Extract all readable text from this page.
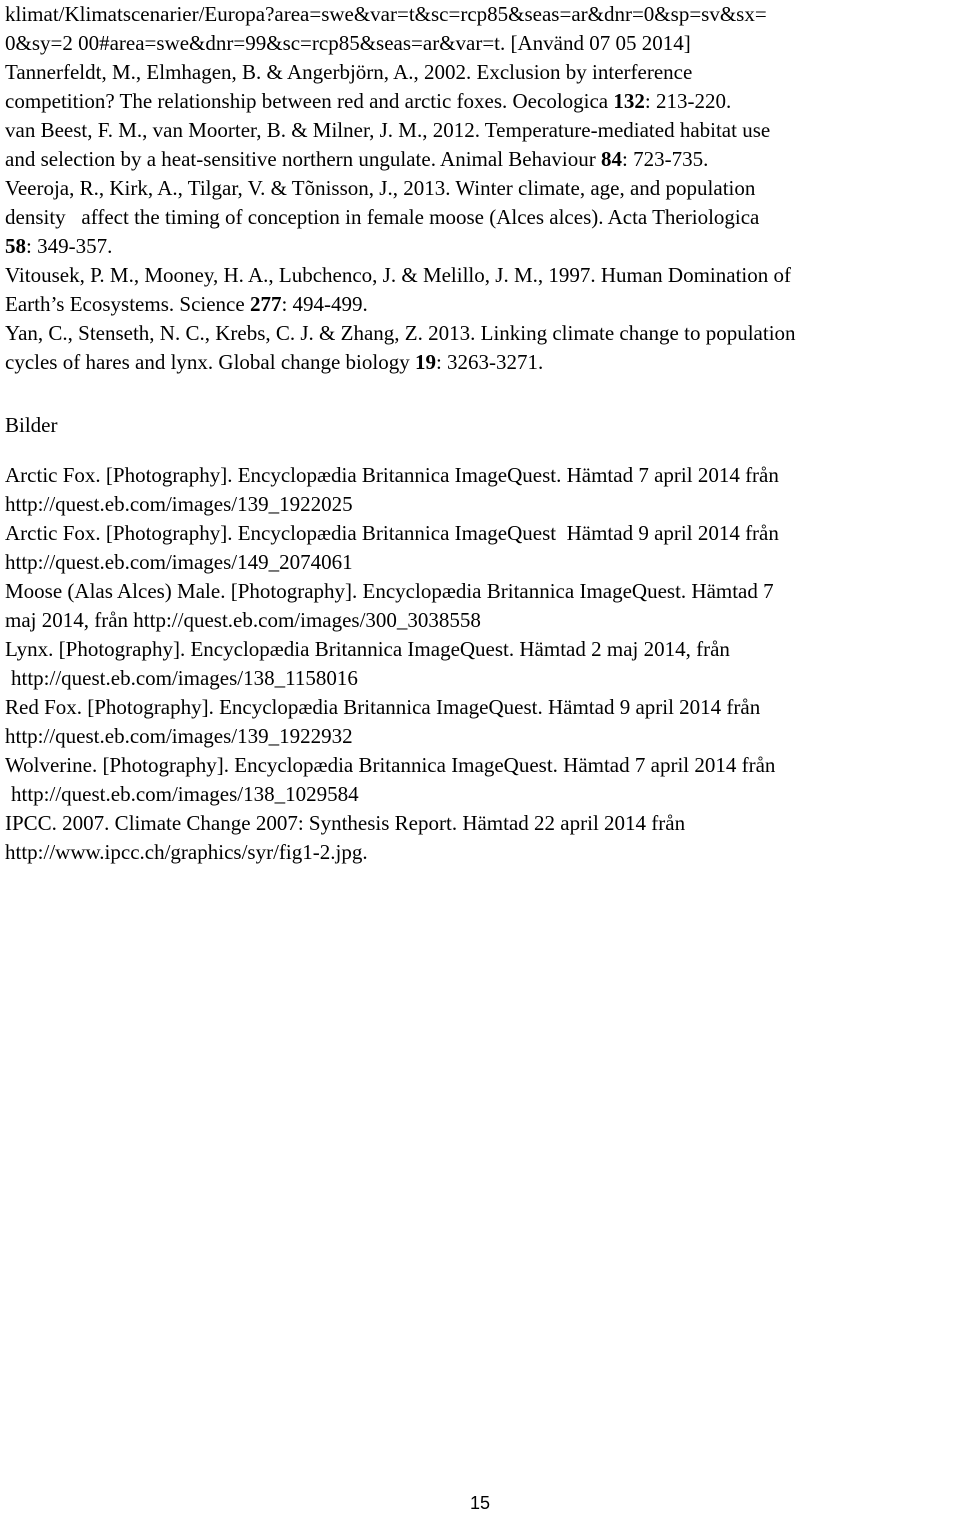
klimat/Klimatscenarier/Europa?area=swe&var=t&sc=rcp85&seas=ar&dnr=0&sp=sv&sx=
0&sy=2 00#area=swe&dnr=99&sc=rcp85&seas=ar&var=t. [Använd 07 05 2014]

Tannerfeldt, M., Elmhagen, B. & Angerbjörn, A., 2002. Exclusion by interference
competition? The relationship between red and arctic foxes. Oecologica 132: 213-220.

van Beest, F. M., van Moorter, B. & Milner, J. M., 2012. Temperature-mediated habitat use
and selection by a heat-sensitive northern ungulate. Animal Behaviour 84: 723-735.

Veeroja, R., Kirk, A., Tilgar, V. & Tõnisson, J., 2013. Winter climate, age, and population
density   affect the timing of conception in female moose (Alces alces). Acta Theriologica
58: 349-357.

Vitousek, P. M., Mooney, H. A., Lubchenco, J. & Melillo, J. M., 1997. Human Domination of
Earth’s Ecosystems. Science 277: 494-499.

Yan, C., Stenseth, N. C., Krebs, C. J. & Zhang, Z. 2013. Linking climate change to population
cycles of hares and lynx. Global change biology 19: 3263-3271.

Bilder

Arctic Fox. [Photography]. Encyclopædia Britannica ImageQuest. Hämtad 7 april 2014 från
http://quest.eb.com/images/139_1922025

Arctic Fox. [Photography]. Encyclopædia Britannica ImageQuest  Hämtad 9 april 2014 från
http://quest.eb.com/images/149_2074061

Moose (Alas Alces) Male. [Photography]. Encyclopædia Britannica ImageQuest. Hämtad 7
maj 2014, från http://quest.eb.com/images/300_3038558

Lynx. [Photography]. Encyclopædia Britannica ImageQuest. Hämtad 2 maj 2014, från
http://quest.eb.com/images/138_1158016

Red Fox. [Photography]. Encyclopædia Britannica ImageQuest. Hämtad 9 april 2014 från
http://quest.eb.com/images/139_1922932

Wolverine. [Photography]. Encyclopædia Britannica ImageQuest. Hämtad 7 april 2014 från
http://quest.eb.com/images/138_1029584

IPCC. 2007. Climate Change 2007: Synthesis Report. Hämtad 22 april 2014 från
http://www.ipcc.ch/graphics/syr/fig1-2.jpg.

15
